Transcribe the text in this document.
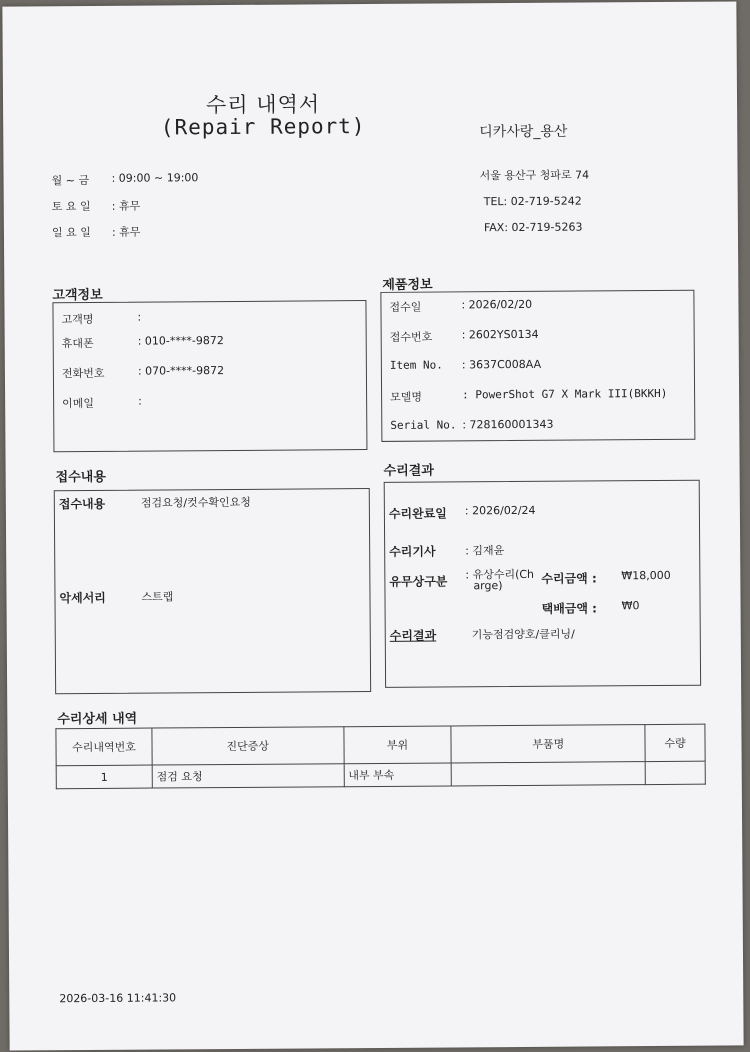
수리 내역서
(Repair Report)	디카사랑_용산
월 ~ 금 : 09:00 ~ 19:00
토 요 일 : 휴무
일 요 일 : 휴무
서울 용산구 청파로 74
TEL: 02-719-5242
FAX: 02-719-5263
고객정보
고객명	:
휴대폰	: 010-****-9872
전화번호	: 070-****-9872
이메일	:
제품정보
접수일	: 2026/02/20
접수번호	: 2602YS0134
Item No. : 3637C008AA
모델명	: PowerShot G7 X Mark III(BKKH)
Serial No. : 728160001343
접수내용
접수내용	점검요청/컷수확인요청
악세서리	스트랩
수리결과
수리완료일 : 2026/02/24
수리기사	: 김재윤
유무상구분 : 유상수리(Ch
arge)	수리금액 : ₩18,000
택배금액 : ₩0
수리결과	기능점검양호/클리닝/
수리상세 내역
수리내역번호	진단증상	부위	부품명	수량
1	점검 요청	내부 부속		
2026-03-16 11:41:30
